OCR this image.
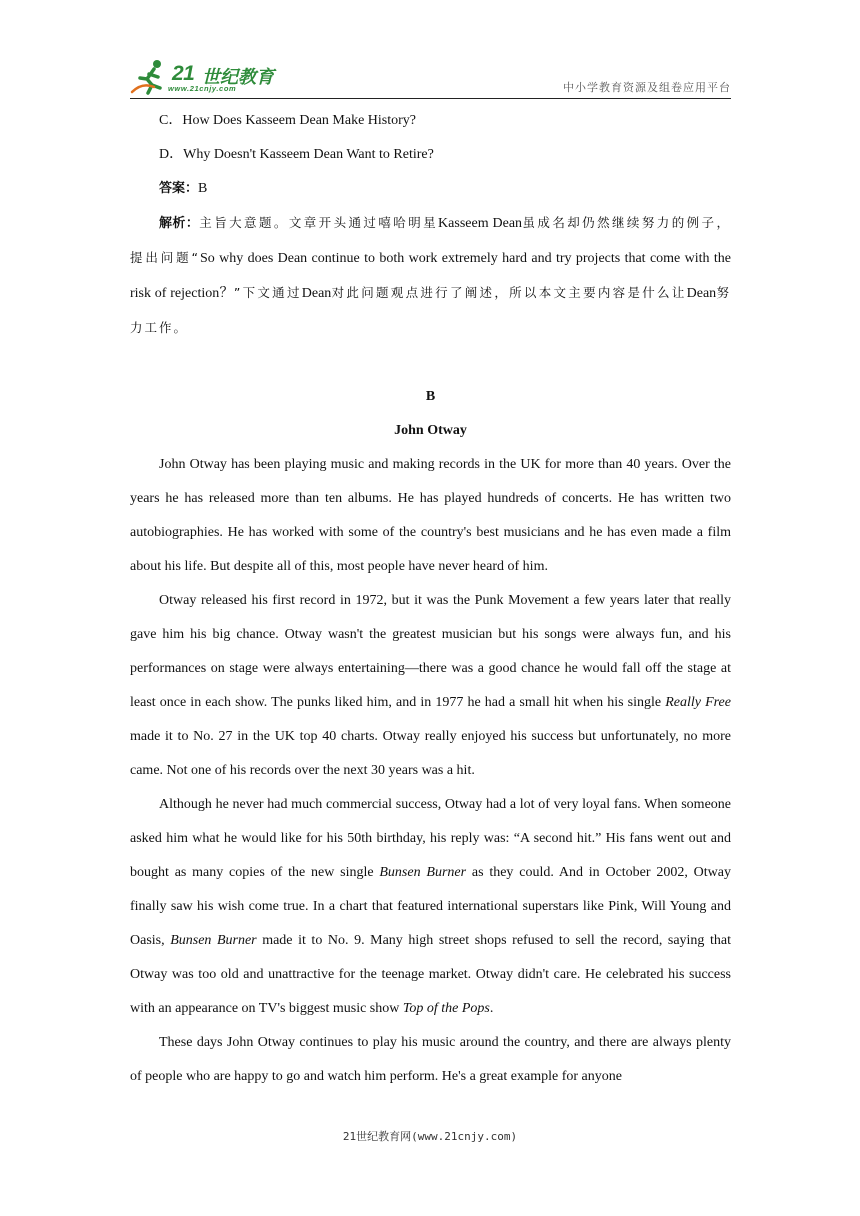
21 世纪教育
www.21cnjy.com	中小学教育资源及组卷应用平台

C．How Does Kasseem Dean Make History?

D．Why Doesn't Kasseem Dean Want to Retire?

答案：B

解析：主旨大意题。文章开头通过嘻哈明星Kasseem Dean虽成名却仍然继续努力的例子，提出问题“So why does Dean continue to both work extremely hard and try projects that come with the risk of rejection？”下文通过Dean对此问题观点进行了阐述，所以本文主要内容是什么让Dean努力工作。

B

John Otway

John Otway has been playing music and making records in the UK for more than 40 years. Over the years he has released more than ten albums. He has played hundreds of concerts. He has written two autobiographies. He has worked with some of the country's best musicians and he has even made a film about his life. But despite all of this, most people have never heard of him.

Otway released his first record in 1972, but it was the Punk Movement a few years later that really gave him his big chance. Otway wasn't the greatest musician but his songs were always fun, and his performances on stage were always entertaining—there was a good chance he would fall off the stage at least once in each show. The punks liked him, and in 1977 he had a small hit when his single Really Free made it to No. 27 in the UK top 40 charts. Otway really enjoyed his success but unfortunately, no more came. Not one of his records over the next 30 years was a hit.

Although he never had much commercial success, Otway had a lot of very loyal fans. When someone asked him what he would like for his 50th birthday, his reply was: “A second hit.” His fans went out and bought as many copies of the new single Bunsen Burner as they could. And in October 2002, Otway finally saw his wish come true. In a chart that featured international superstars like Pink, Will Young and Oasis, Bunsen Burner made it to No. 9. Many high street shops refused to sell the record, saying that Otway was too old and unattractive for the teenage market. Otway didn't care. He celebrated his success with an appearance on TV's biggest music show Top of the Pops.

These days John Otway continues to play his music around the country, and there are always plenty of people who are happy to go and watch him perform. He's a great example for anyone

21世纪教育网(www.21cnjy.com)
